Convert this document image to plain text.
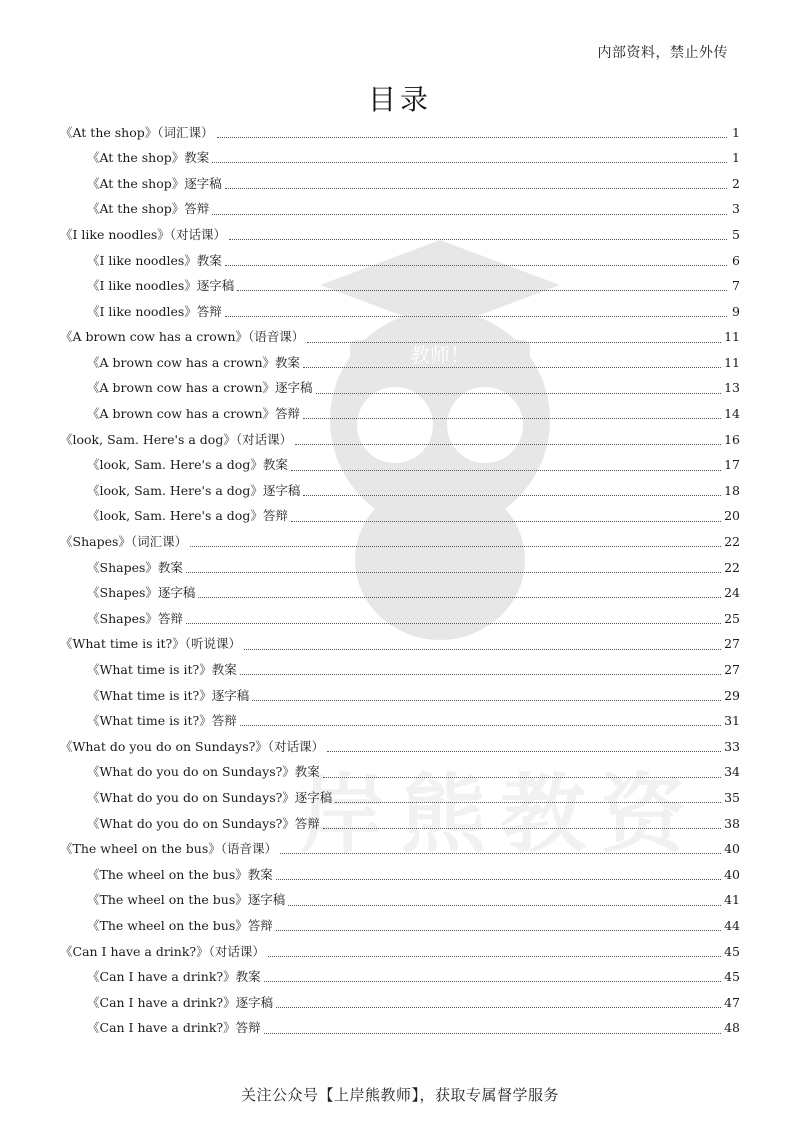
教师！
岸熊教资
内部资料，禁止外传
目录
《At the shop》（词汇课）	1
《At the shop》教案	1
《At the shop》逐字稿	2
《At the shop》答辩	3
《I like noodles》（对话课）	5
《I like noodles》教案	6
《I like noodles》逐字稿	7
《I like noodles》答辩	9
《A brown cow has a crown》（语音课）	11
《A brown cow has a crown》教案	11
《A brown cow has a crown》逐字稿	13
《A brown cow has a crown》答辩	14
《look, Sam. Here's a dog》（对话课）	16
《look, Sam. Here's a dog》教案	17
《look, Sam. Here's a dog》逐字稿	18
《look, Sam. Here's a dog》答辩	20
《Shapes》（词汇课）	22
《Shapes》教案	22
《Shapes》逐字稿	24
《Shapes》答辩	25
《What time is it?》（听说课）	27
《What time is it?》教案	27
《What time is it?》逐字稿	29
《What time is it?》答辩	31
《What do you do on Sundays?》（对话课）	33
《What do you do on Sundays?》教案	34
《What do you do on Sundays?》逐字稿	35
《What do you do on Sundays?》答辩	38
《The wheel on the bus》（语音课）	40
《The wheel on the bus》教案	40
《The wheel on the bus》逐字稿	41
《The wheel on the bus》答辩	44
《Can I have a drink?》（对话课）	45
《Can I have a drink?》教案	45
《Can I have a drink?》逐字稿	47
《Can I have a drink?》答辩	48
关注公众号【上岸熊教师】，获取专属督学服务
